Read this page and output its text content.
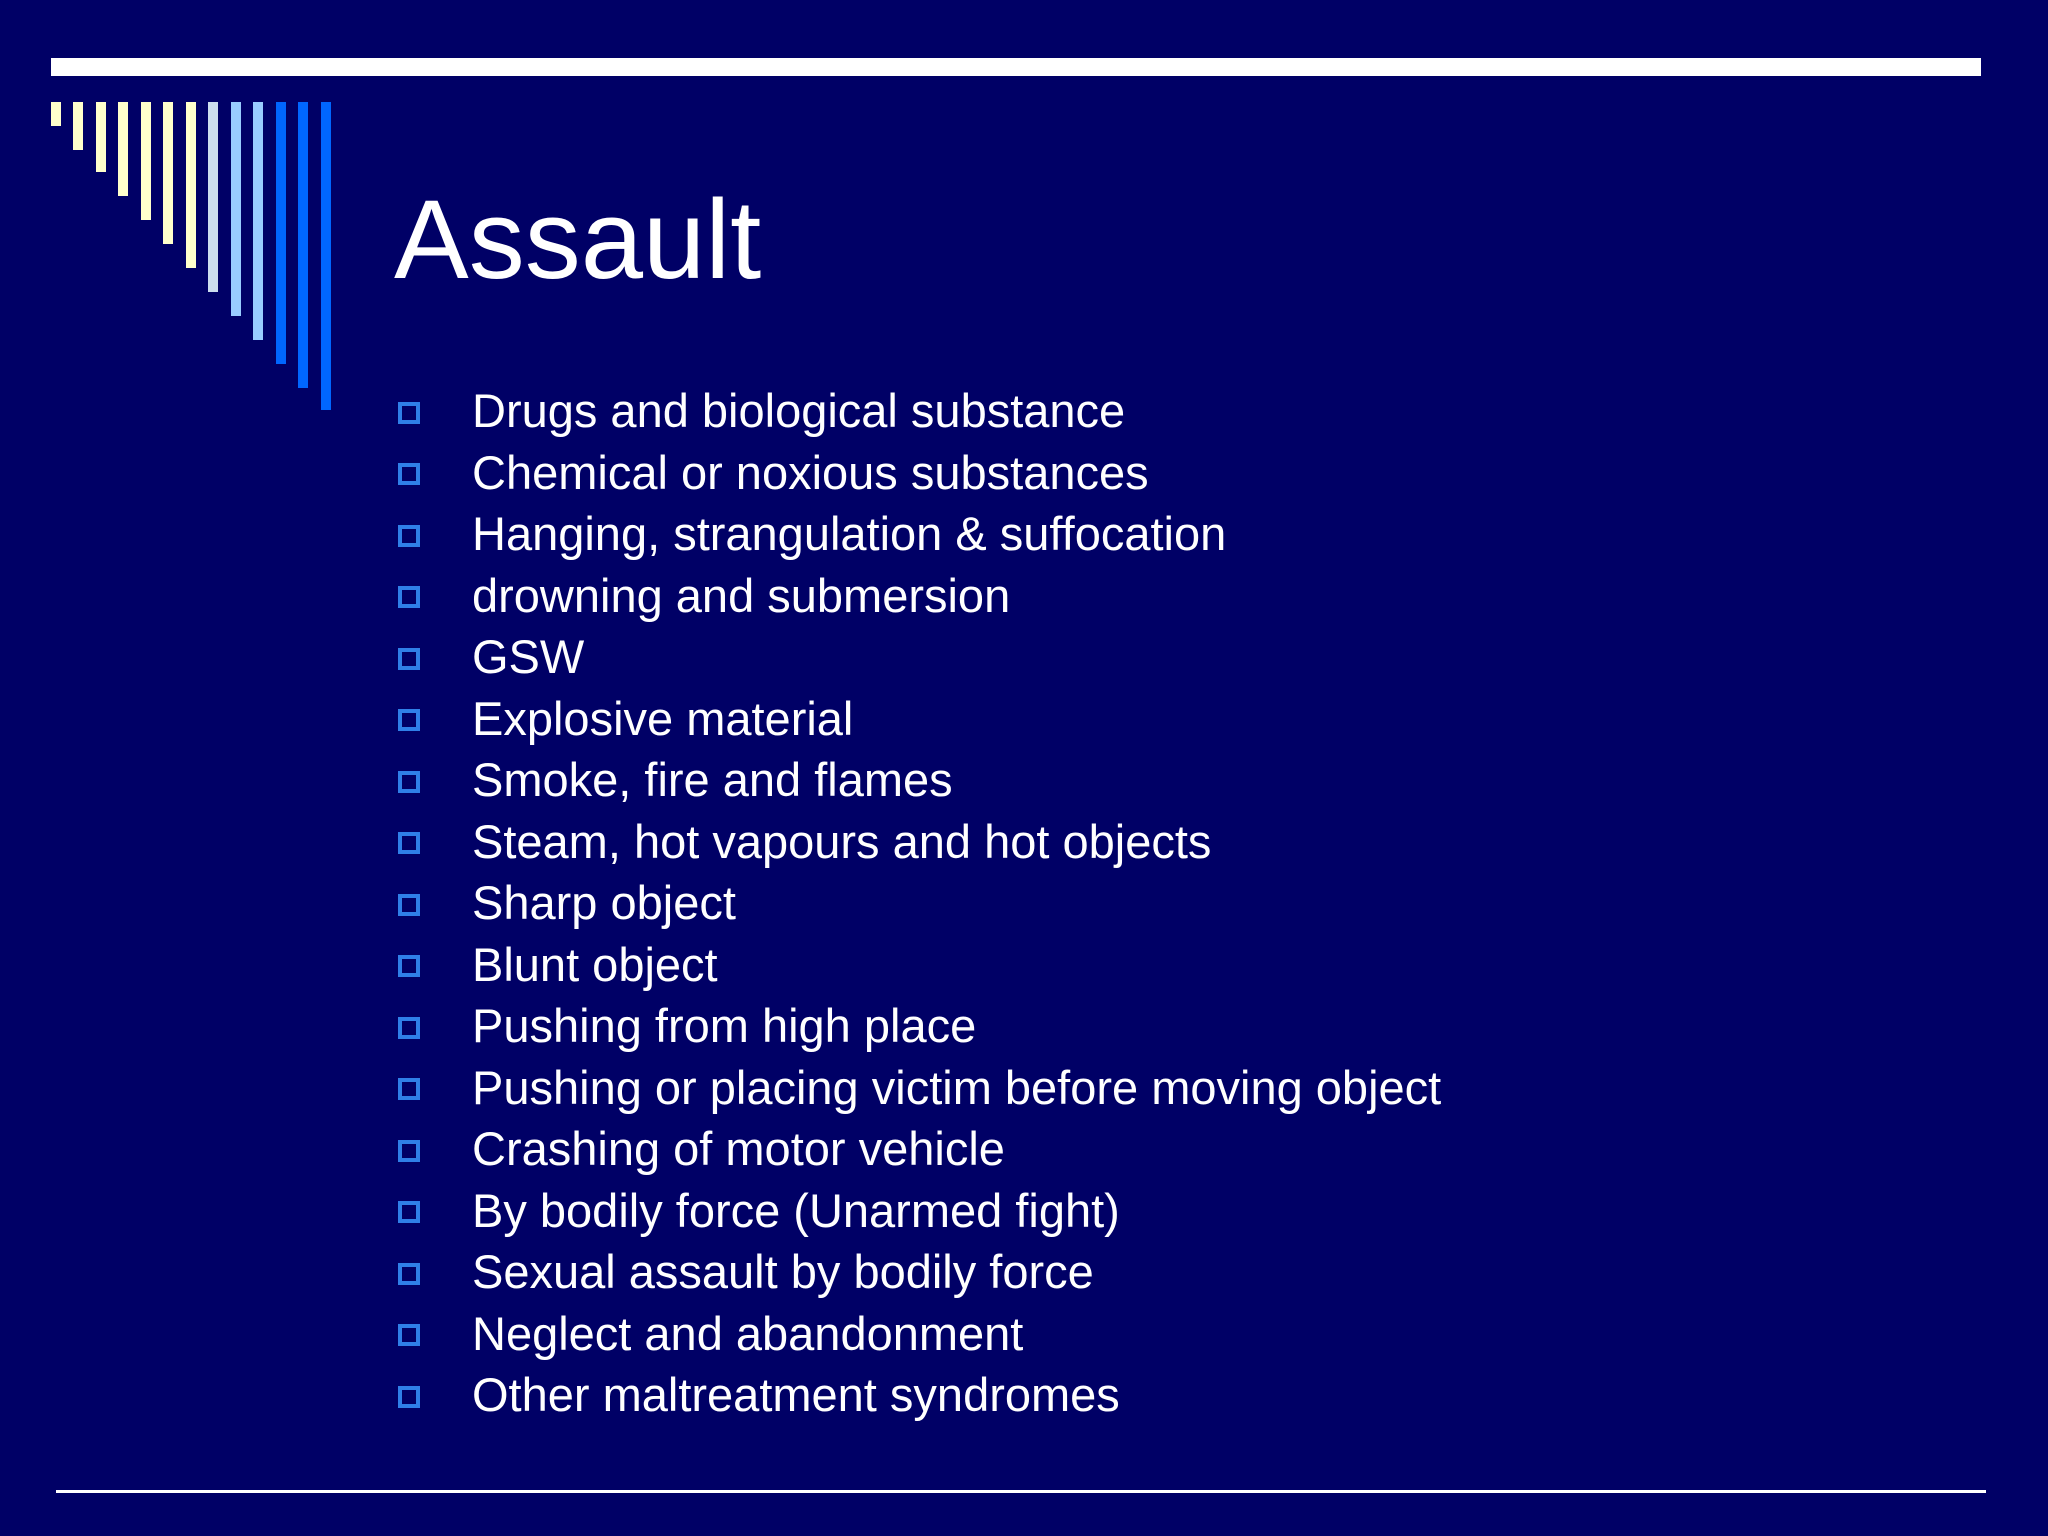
Assault
Drugs and biological substance
Chemical or noxious substances
Hanging, strangulation & suffocation
drowning and submersion
GSW
Explosive material
Smoke, fire and flames
Steam, hot vapours and hot objects
Sharp object
Blunt object
Pushing from high place
Pushing or placing victim before moving object
Crashing of motor vehicle
By bodily force (Unarmed fight)
Sexual assault by bodily force
Neglect and abandonment
Other maltreatment syndromes
